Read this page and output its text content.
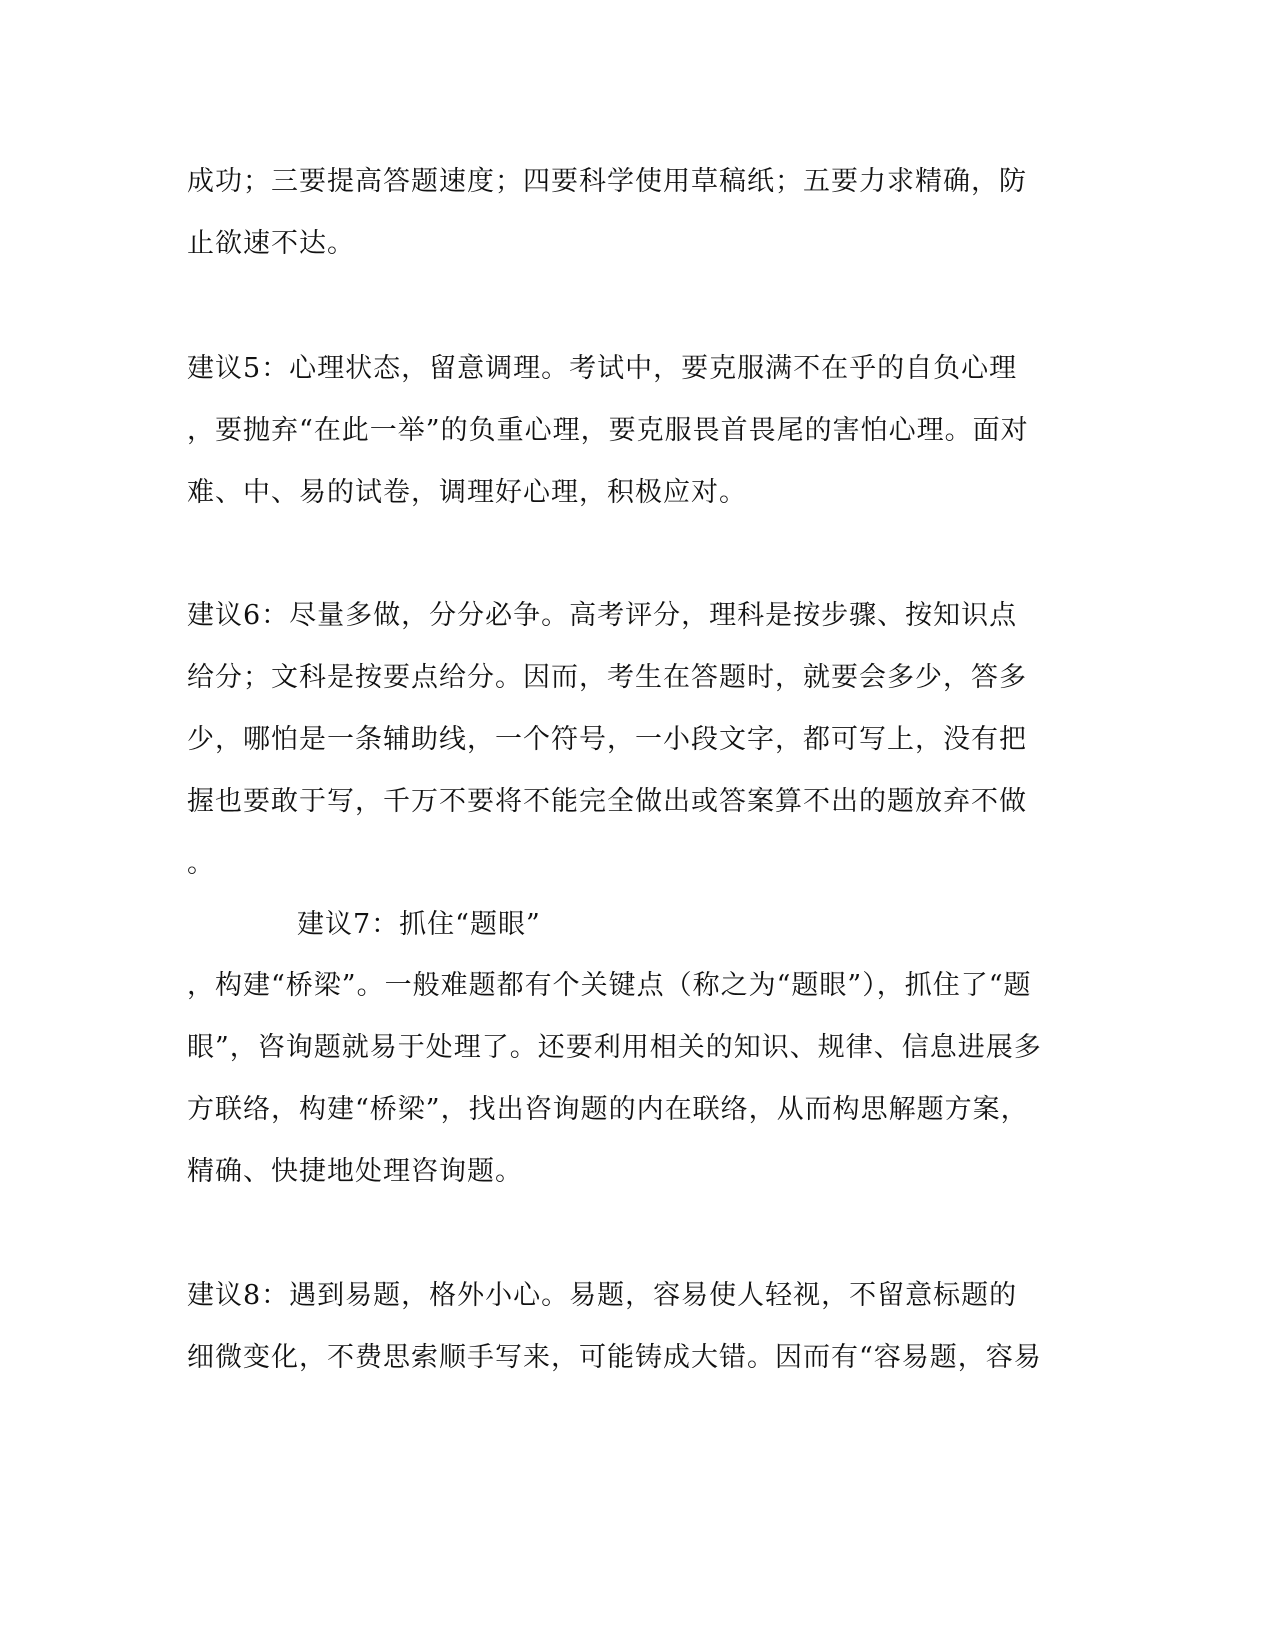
成功；三要提高答题速度；四要科学使用草稿纸；五要力求精确，防
止欲速不达。
建议5：心理状态，留意调理。考试中，要克服满不在乎的自负心理
，要抛弃“在此一举”的负重心理，要克服畏首畏尾的害怕心理。面对
难、中、易的试卷，调理好心理，积极应对。
建议6：尽量多做，分分必争。高考评分，理科是按步骤、按知识点
给分；文科是按要点给分。因而，考生在答题时，就要会多少，答多
少，哪怕是一条辅助线，一个符号，一小段文字，都可写上，没有把
握也要敢于写，千万不要将不能完全做出或答案算不出的题放弃不做
。
建议7：抓住“题眼”
，构建“桥梁”。一般难题都有个关键点（称之为“题眼”），抓住了“题
眼”，咨询题就易于处理了。还要利用相关的知识、规律、信息进展多
方联络，构建“桥梁”，找出咨询题的内在联络，从而构思解题方案，
精确、快捷地处理咨询题。
建议8：遇到易题，格外小心。易题，容易使人轻视，不留意标题的
细微变化，不费思索顺手写来，可能铸成大错。因而有“容易题，容易
